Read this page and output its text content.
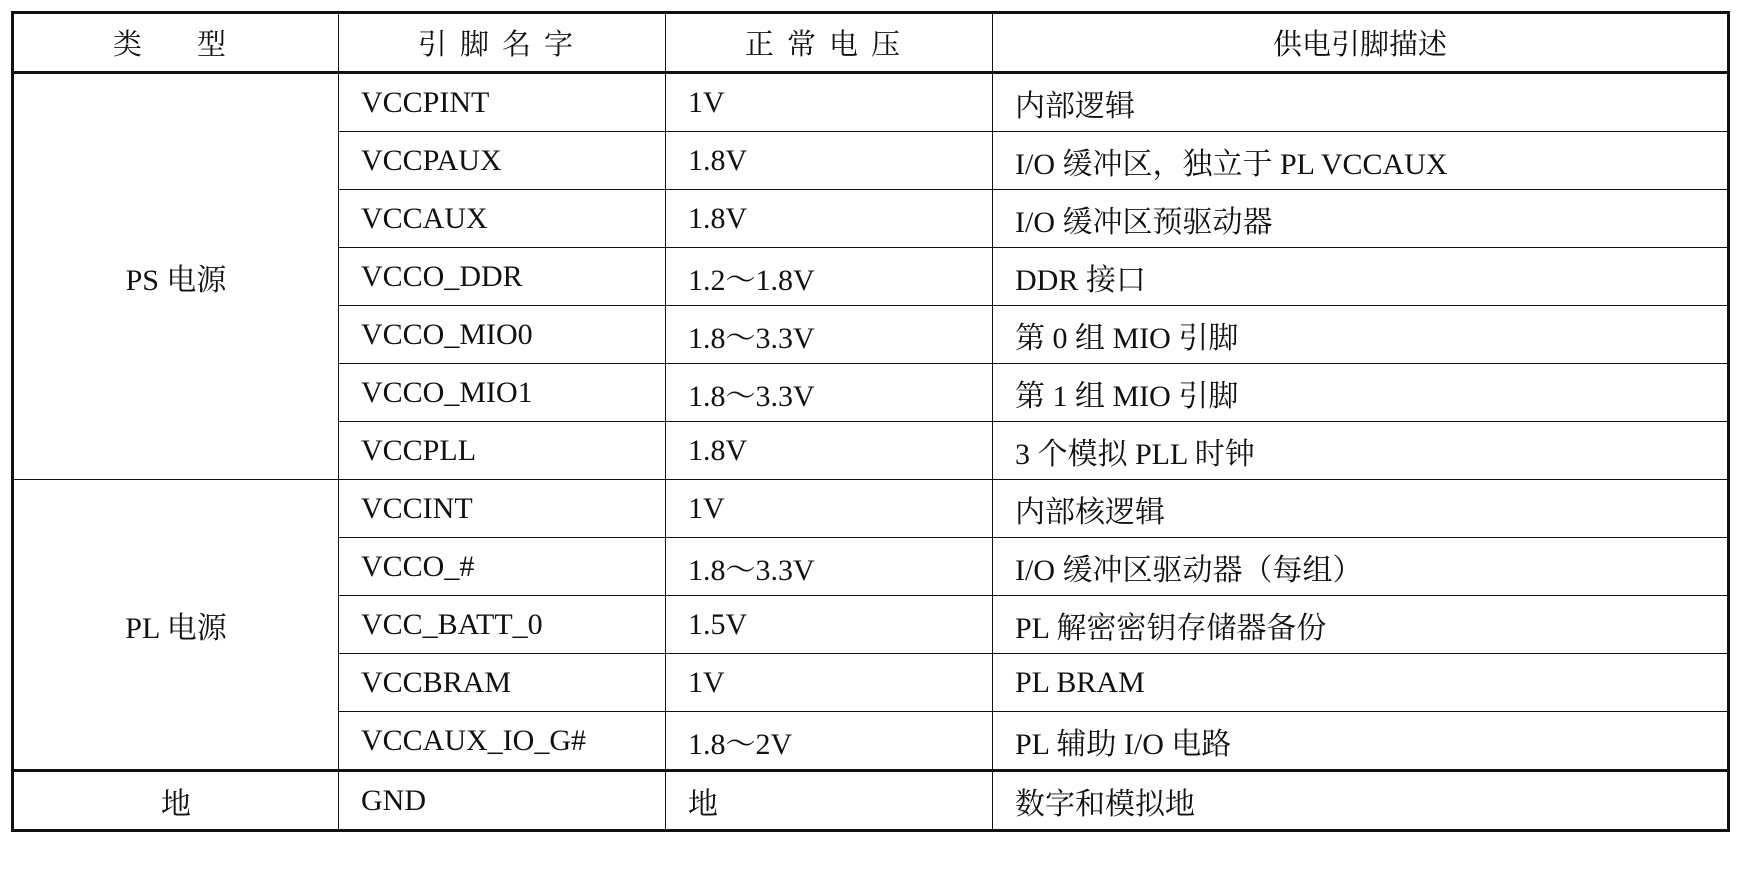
类　型	引脚名字	正常电压	供电引脚描述
PS 电源	VCCPINT	1V	内部逻辑
	VCCPAUX	1.8V	I/O 缓冲区，独立于 PL VCCAUX
	VCCAUX	1.8V	I/O 缓冲区预驱动器
	VCCO_DDR	1.2～1.8V	DDR 接口
	VCCO_MIO0	1.8～3.3V	第 0 组 MIO 引脚
	VCCO_MIO1	1.8～3.3V	第 1 组 MIO 引脚
	VCCPLL	1.8V	3 个模拟 PLL 时钟
PL 电源	VCCINT	1V	内部核逻辑
	VCCO_#	1.8～3.3V	I/O 缓冲区驱动器（每组）
	VCC_BATT_0	1.5V	PL 解密密钥存储器备份
	VCCBRAM	1V	PL BRAM
	VCCAUX_IO_G#	1.8～2V	PL 辅助 I/O 电路
地	GND	地	数字和模拟地
